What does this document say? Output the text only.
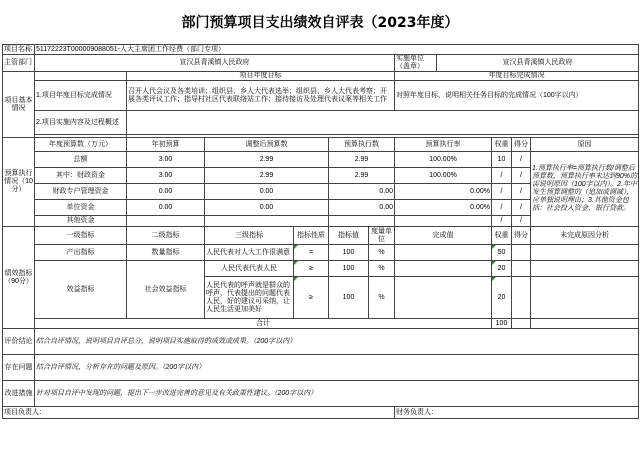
部门预算项目支出绩效自评表（2023年度）
项目名称	51172223T000009088051-人大主席团工作经费（部门专项）										
主管部门	宣汉县青溪镇人民政府						实施单位（盖章）	宣汉县青溪镇人民政府			
项目基本情况		项目年度目标					年度目标完成情况				
	1.项目年度目标完成情况	召开人代会议及各类培训；组织县、乡人大代表选举；组织县、乡人大代表考察；开展各类评议工作；指导村社区代表联络站工作；接待接访及处理代表议案等相关工作					对照年度目标，说明相关任务目标的完成情况（100字以内）				
	2.项目实施内容及过程概述										

预算执行情况（10分）	年度预算数（万元）	年初预算	调整后预算数		预算执行数		预算执行率		权重	得分	原因
	总额	3.00	2.99		2.99		100.00%		10	/	1.预算执行率=预算执行数/调整后预算数，预算执行率未达到90%的需说明原因（100字以内）。2.年中发生预算调整的（追加或调减），应单独说明理由；3.其他资金包括：社会投入资金、银行贷款。
	其中：财政资金	3.00	2.99		2.99		100.00%		/	/	
	财政专户管理资金	0.00	0.00		0.00		0.00%		/	/	
	单位资金	0.00	0.00		0.00		0.00%		/	/	
	其他资金								/	/	
绩效指标（90分）	一级指标	二级指标	三级指标	指标性质	指标值	度量单位	完成值		权重	得分	未完成原因分析
	产出指标	数量指标	人民代表对人大工作很满意	=	100	%			50		
	效益指标	社会效益指标	人民代表代表人民	≥	100	%			20		
			人民代表的呼声就是群众的呼声，代表提出的问题代表人民，好的建议可采纳，让人民生活更加美好	≥	100	%			20		
	合计								100		
评价结论	结合自评情况，说明项目自评总分，说明项目实施取得的成效或成果。（200字以内）										
存在问题	结合自评情况，分析存在的问题及原因。（200字以内）										
改进措施	针对项目自评中发现的问题，提出下一步改进完善的意见及有关政策性建议。（200字以内）										
项目负责人：							财务负责人：				
